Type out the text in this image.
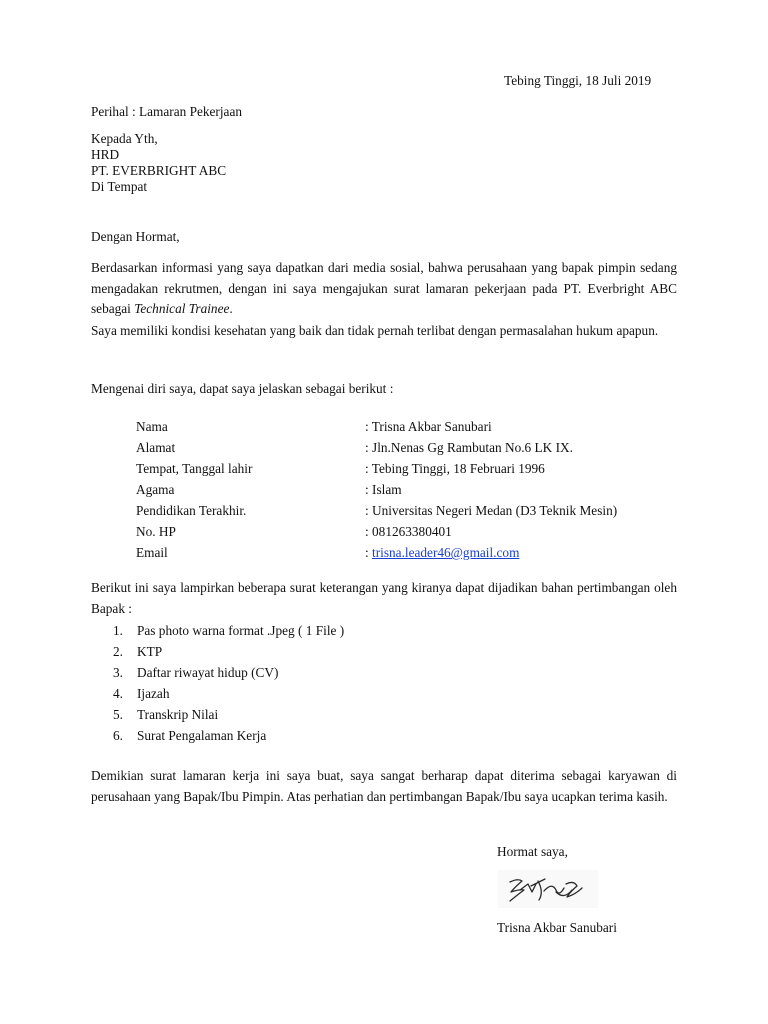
Tebing Tinggi, 18 Juli 2019
Perihal : Lamaran Pekerjaan
Kepada Yth,
HRD
PT. EVERBRIGHT ABC
Di Tempat
Dengan Hormat,
Berdasarkan informasi yang saya dapatkan dari media sosial, bahwa perusahaan yang bapak pimpin sedang mengadakan rekrutmen, dengan ini saya mengajukan surat lamaran pekerjaan pada PT. Everbright ABC sebagai Technical Trainee.
Saya memiliki kondisi kesehatan yang baik dan tidak pernah terlibat dengan permasalahan hukum apapun.
Mengenai diri saya, dapat saya jelaskan sebagai berikut :
Nama	: Trisna Akbar Sanubari
Alamat	: Jln.Nenas Gg Rambutan No.6 LK IX.
Tempat, Tanggal lahir	: Tebing Tinggi, 18 Februari 1996
Agama	: Islam
Pendidikan Terakhir.	: Universitas Negeri Medan (D3 Teknik Mesin)
No. HP	: 081263380401
Email	: trisna.leader46@gmail.com
Berikut ini saya lampirkan beberapa surat keterangan yang kiranya dapat dijadikan bahan pertimbangan oleh Bapak :
1. Pas photo warna format .Jpeg ( 1 File )
2. KTP
3. Daftar riwayat hidup (CV)
4. Ijazah
5. Transkrip Nilai
6. Surat Pengalaman Kerja
Demikian surat lamaran kerja ini saya buat, saya sangat berharap dapat diterima sebagai karyawan di perusahaan yang Bapak/Ibu Pimpin. Atas perhatian dan pertimbangan Bapak/Ibu saya ucapkan terima kasih.
Hormat saya,
Trisna Akbar Sanubari
